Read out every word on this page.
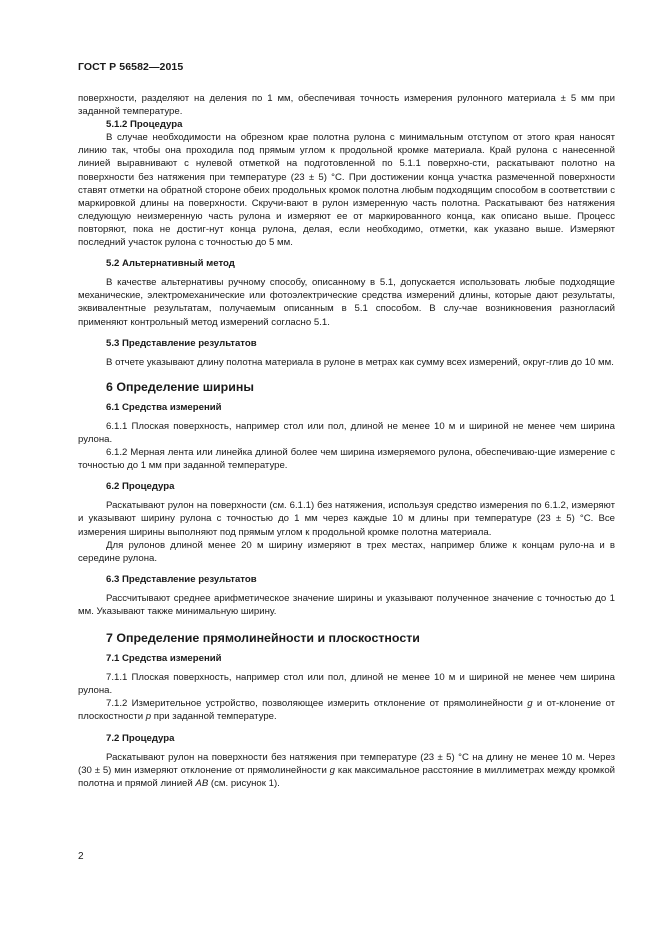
ГОСТ Р 56582—2015

поверхности, разделяют на деления по 1 мм, обеспечивая точность измерения рулонного материала ± 5 мм при заданной температуре.

5.1.2 Процедура

В случае необходимости на обрезном крае полотна рулона с минимальным отступом от этого края наносят линию так, чтобы она проходила под прямым углом к продольной кромке материала. Край рулона с нанесенной линией выравнивают с нулевой отметкой на подготовленной по 5.1.1 поверхно-сти, раскатывают полотно на поверхности без натяжения при температуре (23 ± 5) °С. При достижении конца участка размеченной поверхности ставят отметки на обратной стороне обеих продольных кромок полотна любым подходящим способом в соответствии с маркировкой длины на поверхности. Скручи-вают в рулон измеренную часть полотна. Раскатывают без натяжения следующую неизмеренную часть рулона и измеряют ее от маркированного конца, как описано выше. Процесс повторяют, пока не достиг-нут конца рулона, делая, если необходимо, отметки, как указано выше. Измеряют последний участок рулона с точностью до 5 мм.

5.2 Альтернативный метод

В качестве альтернативы ручному способу, описанному в 5.1, допускается использовать любые подходящие механические, электромеханические или фотоэлектрические средства измерений длины, которые дают результаты, эквивалентные результатам, получаемым описанным в 5.1 способом. В слу-чае возникновения разногласий применяют контрольный метод измерений согласно 5.1.

5.3 Представление результатов

В отчете указывают длину полотна материала в рулоне в метрах как сумму всех измерений, округ-глив до 10 мм.

6 Определение ширины
6.1 Средства измерений

6.1.1 Плоская поверхность, например стол или пол, длиной не менее 10 м и шириной не менее чем ширина рулона.

6.1.2 Мерная лента или линейка длиной более чем ширина измеряемого рулона, обеспечиваю-щие измерение с точностью до 1 мм при заданной температуре.

6.2 Процедура

Раскатывают рулон на поверхности (см. 6.1.1) без натяжения, используя средство измерения по 6.1.2, измеряют и указывают ширину рулона с точностью до 1 мм через каждые 10 м длины при температуре (23 ± 5) °С. Все измерения ширины выполняют под прямым углом к продольной кромке полотна материала.

Для рулонов длиной менее 20 м ширину измеряют в трех местах, например ближе к концам руло-на и в середине рулона.

6.3 Представление результатов

Рассчитывают среднее арифметическое значение ширины и указывают полученное значение с точностью до 1 мм. Указывают также минимальную ширину.

7 Определение прямолинейности и плоскостности
7.1 Средства измерений

7.1.1 Плоская поверхность, например стол или пол, длиной не менее 10 м и шириной не менее чем ширина рулона.

7.1.2 Измерительное устройство, позволяющее измерить отклонение от прямолинейности g и от-клонение от плоскостности p при заданной температуре.

7.2 Процедура

Раскатывают рулон на поверхности без натяжения при температуре (23 ± 5) °С на длину не менее 10 м. Через (30 ± 5) мин измеряют отклонение от прямолинейности g как максимальное расстояние в миллиметрах между кромкой полотна и прямой линией AB (см. рисунок 1).

2
